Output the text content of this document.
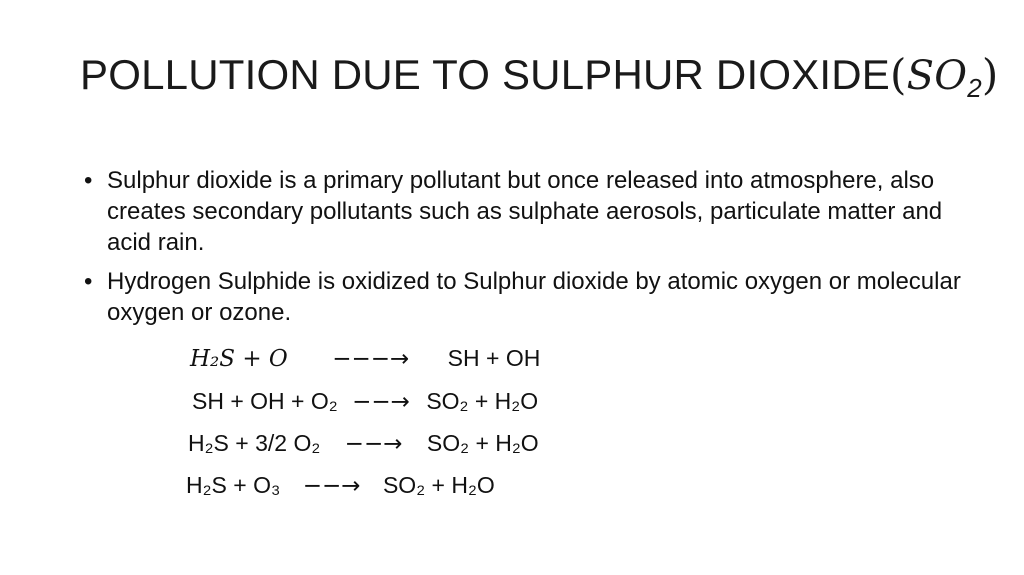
POLLUTION DUE TO SULPHUR $DIOXIDE(SO_2)$
• Sulphur dioxide is a primary pollutant but once released into atmosphere, also creates secondary pollutants such as sulphate aerosols, particulate matter and acid rain.
• Hydrogen Sulphide is oxidized to Sulphur dioxide by atomic oxygen or molecular oxygen or ozone.
H₂S + O −−−→ SH + OH
SH + OH + O₂ −−→ SO₂ + H₂O
H₂S + 3/2 O₂ −−→ SO₂ + H₂O
H₂S + O₃ −−→ SO₂ + H₂O
